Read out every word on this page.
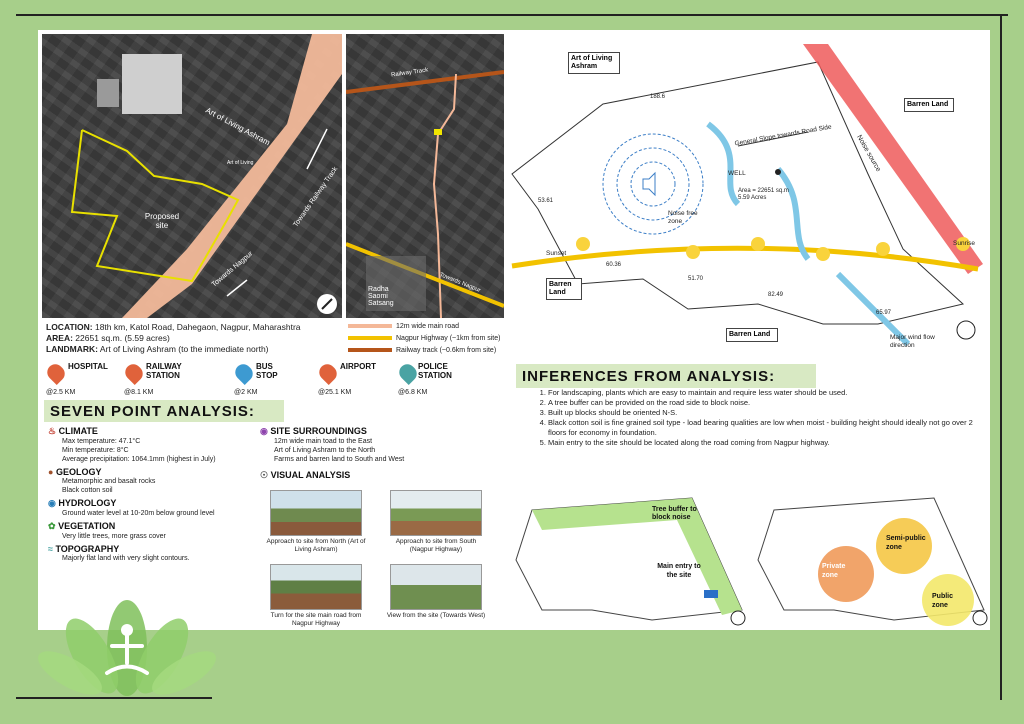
Art of Living Ashram
Art of Living
Proposed site	Towards Railway Track
Towards Nagpur
Railway Track
Radha Saomi Satsang
Towards Nagpur
LOCATION: 18th km, Katol Road, Dahegaon, Nagpur, Maharashtra
AREA: 22651 sq.m. (5.59 acres)
LANDMARK: Art of Living Ashram (to the immediate north)
12m wide main road
Nagpur Highway (~1km from site)
Railway track (~0.6km from site)
HOSPITAL
@2.5 KM
RAILWAY STATION
@8.1 KM
BUS STOP
@2 KM
AIRPORT
@25.1 KM
POLICE STATION
@6.8 KM
SEVEN POINT ANALYSIS:
♨ CLIMATE
Max temperature: 47.1°C
Min temperature: 8°C
Average precipitation: 1064.1mm (highest in July)
● GEOLOGY
Metamorphic and basalt rocks
Black cotton soil
◉ HYDROLOGY
Ground water level at 10-20m below ground level
✿ VEGETATION
Very little trees, more grass cover
≈ TOPOGRAPHY
Majorly flat land with very slight contours.
◉ SITE SURROUNDINGS
12m wide main toad to the East
Art of Living Ashram to the North
Farms and barren land to South and West
☉ VISUAL ANALYSIS
Approach to site from North (Art of Living Ashram)
Approach to site from South (Nagpur Highway)
Turn for the site main road from Nagpur Highway
View from the site (Towards West)
Art of Living Ashram
Barren Land
Barren Land
Barren Land
Noise source
Noise free zone
General Slope towards Road Side
WELL
Area = 22651 sq.m 5.59 Acres
Sunset
Sunrise
Major wind flow direction
188.6
53.61
60.36
51.70
82.49
65.97
INFERENCES FROM ANALYSIS:
1. For landscaping, plants which are easy to maintain and require less water should be used.
2. A tree buffer can be provided on the road side to block noise.
3. Built up blocks should be oriented N-S.
4. Black cotton soil is fine grained soil type - load bearing qualities are low when moist - building height should ideally not go over 2 floors for economy in foundation.
5. Main entry to the site should be located along the road coming from Nagpur highway.
Tree buffer to block noise
Main entry to the site
Private zone
Semi-public zone
Public zone
